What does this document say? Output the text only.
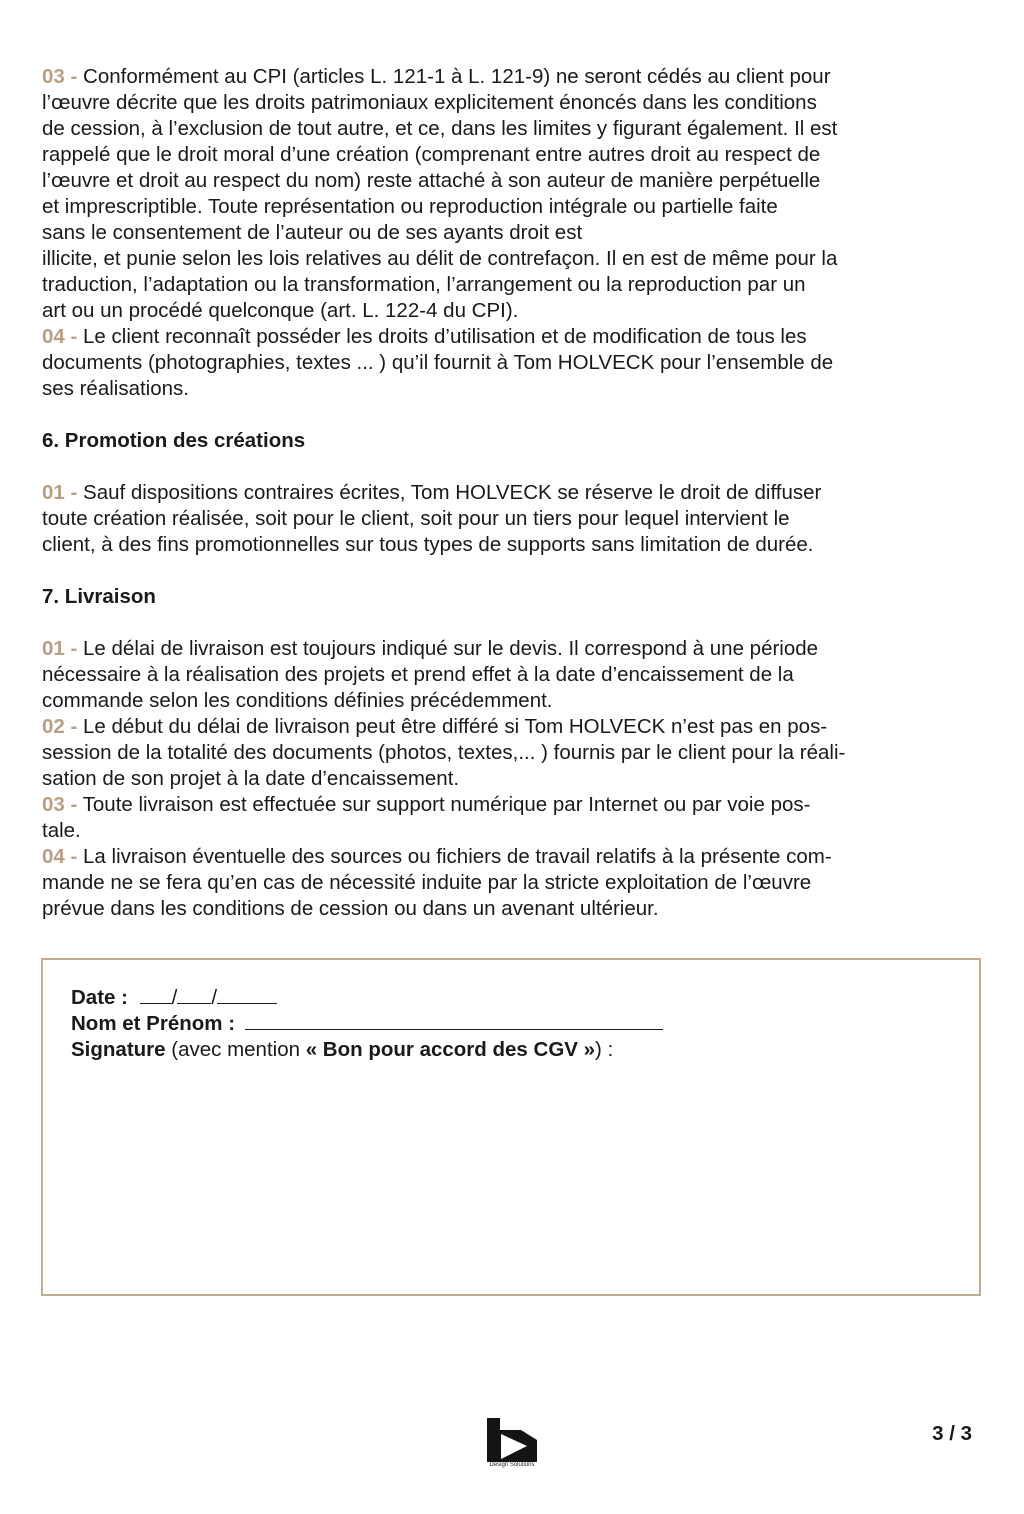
03 - Conformément au CPI (articles L. 121-1 à L. 121-9) ne seront cédés au client pour
l’œuvre décrite que les droits patrimoniaux explicitement énoncés dans les conditions
de cession, à l’exclusion de tout autre, et ce, dans les limites y figurant également. Il est
rappelé que le droit moral d’une création (comprenant entre autres droit au respect de
l’œuvre et droit au respect du nom) reste attaché à son auteur de manière perpétuelle
et imprescriptible. Toute représentation ou reproduction intégrale ou partielle faite
sans le consentement de l’auteur ou de ses ayants droit est
illicite, et punie selon les lois relatives au délit de contrefaçon. Il en est de même pour la
traduction, l’adaptation ou la transformation, l’arrangement ou la reproduction par un
art ou un procédé quelconque (art. L. 122-4 du CPI).
04 - Le client reconnaît posséder les droits d’utilisation et de modification de tous les
documents (photographies, textes ... ) qu’il fournit à Tom HOLVECK pour l’ensemble de
ses réalisations.
6. Promotion des créations
01 - Sauf dispositions contraires écrites, Tom HOLVECK se réserve le droit de diffuser
toute création réalisée, soit pour le client, soit pour un tiers pour lequel intervient le
client, à des fins promotionnelles sur tous types de supports sans limitation de durée.
7. Livraison
01 - Le délai de livraison est toujours indiqué sur le devis. Il correspond à une période
nécessaire à la réalisation des projets et prend effet à la date d’encaissement de la
commande selon les conditions définies précédemment.
02 - Le début du délai de livraison peut être différé si Tom HOLVECK n’est pas en pos-
session de la totalité des documents (photos, textes,... ) fournis par le client pour la réali-
sation de son projet à la date d’encaissement.
03 - Toute livraison est effectuée sur support numérique par Internet ou par voie pos-
tale.
04 - La livraison éventuelle des sources ou fichiers de travail relatifs à la présente com-
mande ne se fera qu’en cas de nécessité induite par la stricte exploitation de l’œuvre
prévue dans les conditions de cession ou dans un avenant ultérieur.
Date : / /
Nom et Prénom :
Signature (avec mention « Bon pour accord des CGV ») :
Design Solutions
3 / 3
